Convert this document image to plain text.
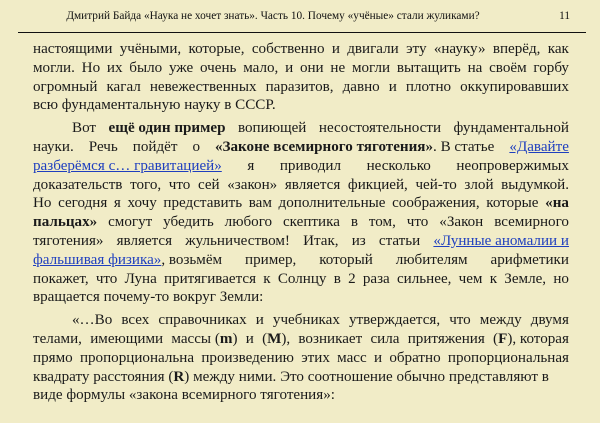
Дмитрий Байда «Наука не хочет знать». Часть 10. Почему «учёные» стали жуликами?	11
настоящими учёными, которые, собственно и двигали эту «науку» вперёд, как
могли. Но их было уже очень мало, и они не могли вытащить на своём горбу
огромный кагал невежественных паразитов, давно и плотно оккупировавших
всю фундаментальную науку в СССР.
Вот ещё один пример вопиющей несостоятельности фундаментальной
науки. Речь пойдёт о «Законе всемирного тяготения». В статье «Давайте
разберёмся с… гравитацией» я приводил несколько неопровержимых
доказательств того, что сей «закон» является фикцией, чей-то злой выдумкой.
Но сегодня я хочу представить вам дополнительные соображения, которые «на
пальцах» смогут убедить любого скептика в том, что «Закон всемирного
тяготения» является жульничеством! Итак, из статьи «Лунные аномалии и
фальшивая физика», возьмём пример, который любителям арифметики
покажет, что Луна притягивается к Солнцу в 2 раза сильнее, чем к Земле, но
вращается почему-то вокруг Земли:
«…Во всех справочниках и учебниках утверждается, что между двумя
телами, имеющими массы (m) и (M), возникает сила притяжения (F), которая
прямо пропорциональна произведению этих масс и обратно пропорциональная
квадрату расстояния (R) между ними. Это соотношение обычно представляют в
виде формулы «закона всемирного тяготения»:
